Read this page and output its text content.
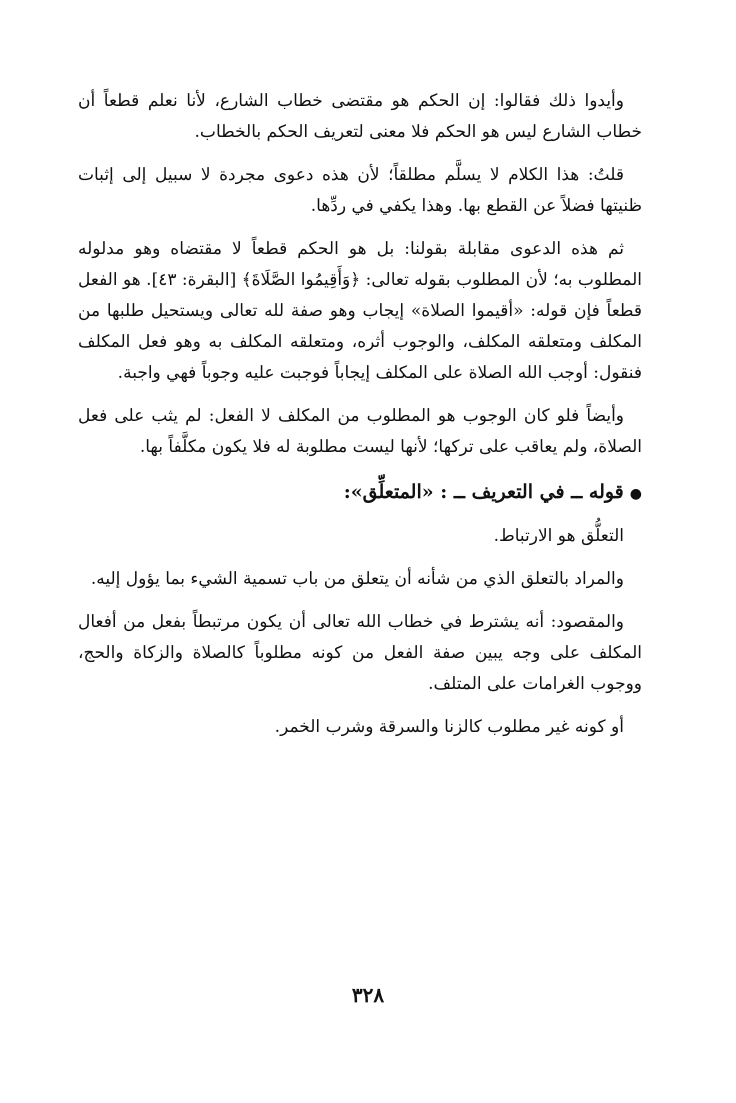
وأيدوا ذلك فقالوا: إن الحكم هو مقتضى خطاب الشارع، لأنا نعلم قطعاً أن خطاب الشارع ليس هو الحكم فلا معنى لتعريف الحكم بالخطاب.

قلتُ: هذا الكلام لا يسلَّم مطلقاً؛ لأن هذه دعوى مجردة لا سبيل إلى إثبات ظنيتها فضلاً عن القطع بها. وهذا يكفي في ردِّها.

ثم هذه الدعوى مقابلة بقولنا: بل هو الحكم قطعاً لا مقتضاه وهو مدلوله المطلوب به؛ لأن المطلوب بقوله تعالى: ﴿وَأَقِيمُوا الصَّلَاةَ﴾ [البقرة: ٤٣]. هو الفعل قطعاً فإن قوله: «أقيموا الصلاة» إيجاب وهو صفة لله تعالى ويستحيل طلبها من المكلف ومتعلقه المكلف، والوجوب أثره، ومتعلقه المكلف به وهو فعل المكلف فنقول: أوجب الله الصلاة على المكلف إيجاباً فوجبت عليه وجوباً فهي واجبة.

وأيضاً فلو كان الوجوب هو المطلوب من المكلف لا الفعل: لم يثب على فعل الصلاة، ولم يعاقب على تركها؛ لأنها ليست مطلوبة له فلا يكون مكلَّفاً بها.

●قوله ــ في التعريف ــ : «المتعلِّق»:

التعلُّق هو الارتباط.

والمراد بالتعلق الذي من شأنه أن يتعلق من باب تسمية الشيء بما يؤول إليه.

والمقصود: أنه يشترط في خطاب الله تعالى أن يكون مرتبطاً بفعل من أفعال المكلف على وجه يبين صفة الفعل من كونه مطلوباً كالصلاة والزكاة والحج، ووجوب الغرامات على المتلف.

أو كونه غير مطلوب كالزنا والسرقة وشرب الخمر.

٣٢٨
